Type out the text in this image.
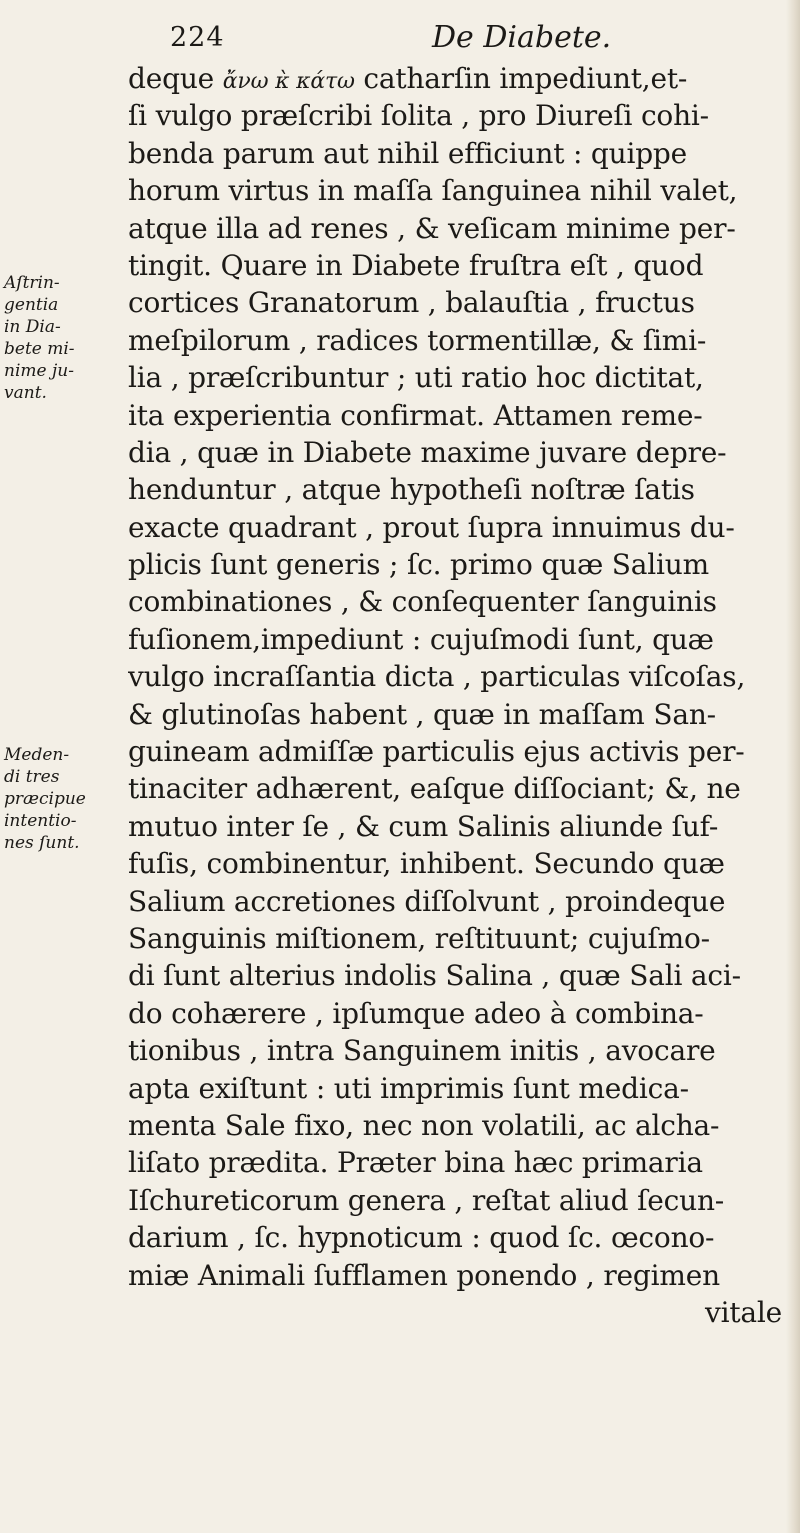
224	De Diabete.
Aſtrin-
gentia
in Dia-
bete mi-
nime ju-
vant.
Meden-
di tres
præcipue
intentio-
nes ſunt.
deque ἄνω κ̀ κάτω catharſin impediunt,et-
ſi vulgo præſcribi ſolita , pro Diureſi cohi-
benda parum aut nihil efficiunt : quippe
horum virtus in maſſa ſanguinea nihil valet,
atque illa ad renes , & veſicam minime per-
tingit. Quare in Diabete fruſtra eſt , quod
cortices Granatorum , balauſtia , fructus
meſpilorum , radices tormentillæ, & ſimi-
lia , præſcribuntur ; uti ratio hoc dictitat,
ita experientia confirmat. Attamen reme-
dia , quæ in Diabete maxime juvare depre-
henduntur , atque hypotheſi noſtræ ſatis
exacte quadrant , prout ſupra innuimus du-
plicis ſunt generis ; ſc. primo quæ Salium
combinationes , & conſequenter ſanguinis
fuſionem,impediunt : cujuſmodi ſunt, quæ
vulgo incraſſantia dicta , particulas viſcoſas,
& glutinoſas habent , quæ in maſſam San-
guineam admiſſæ particulis ejus activis per-
tinaciter adhærent, eaſque diſſociant; &, ne
mutuo inter ſe , & cum Salinis aliunde ſuf-
fuſis, combinentur, inhibent. Secundo quæ
Salium accretiones diſſolvunt , proindeque
Sanguinis miſtionem, reſtituunt; cujuſmo-
di ſunt alterius indolis Salina , quæ Sali aci-
do cohærere , ipſumque adeo à combina-
tionibus , intra Sanguinem initis , avocare
apta exiſtunt : uti imprimis ſunt medica-
menta Sale fixo, nec non volatili, ac alcha-
liſato prædita. Præter bina hæc primaria
Iſchureticorum genera , reſtat aliud ſecun-
darium , ſc. hypnoticum : quod ſc. œcono-
miæ Animali ſufflamen ponendo , regimen
vitale
